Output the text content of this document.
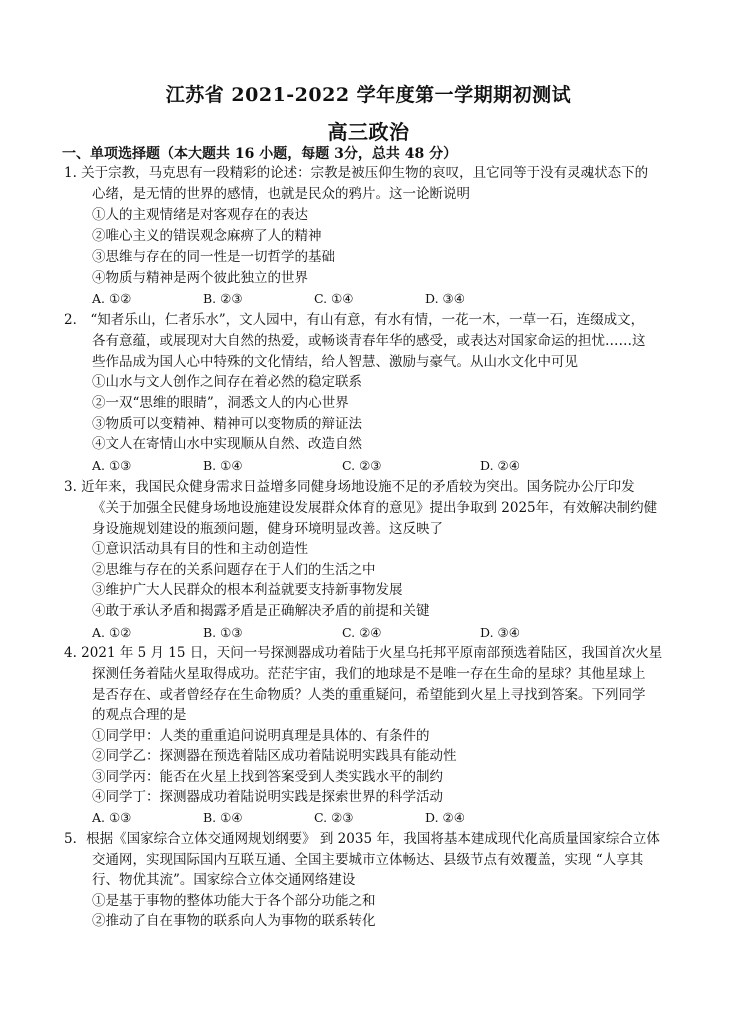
江苏省 2021-2022 学年度第一学期期初测试
高三政治
一、单项选择题（本大题共 16 小题，每题 3分，总共 48 分）
1. 关于宗教，马克思有一段精彩的论述：宗教是被压仰生物的哀叹，且它同等于没有灵魂状态下的
心绪，是无情的世界的感情，也就是民众的鸦片。这一论断说明
①人的主观情绪是对客观存在的表达
②唯心主义的错误观念麻痹了人的精神
③思维与存在的同一性是一切哲学的基础
④物质与精神是两个彼此独立的世界
A. ①②	B. ②③	C. ①④	D. ③④
2． “知者乐山，仁者乐水”，文人园中，有山有意，有水有情，一花一木，一草一石，连缀成文，
各有意蕴，或展现对大自然的热爱，或畅谈青春年华的感受，或表达对国家命运的担忧……这
些作品成为国人心中特殊的文化情结，给人智慧、激励与豪气。从山水文化中可见
①山水与文人创作之间存在着必然的稳定联系
②一双“思维的眼睛”，洞悉文人的内心世界
③物质可以变精神、精神可以变物质的辩证法
④文人在寄情山水中实现顺从自然、改造自然
A. ①③	B. ①④	C. ②③	D. ②④
3. 近年来，我国民众健身需求日益增多同健身场地设施不足的矛盾较为突出。国务院办公厅印发
《关于加强全民健身场地设施建设发展群众体育的意见》提出争取到 2025年，有效解决制约健
身设施规划建设的瓶颈问题，健身环境明显改善。这反映了
①意识活动具有目的性和主动创造性
②思维与存在的关系问题存在于人们的生活之中
③维护广大人民群众的根本利益就要支持新事物发展
④敢于承认矛盾和揭露矛盾是正确解决矛盾的前提和关键
A. ①②	B. ①③	C. ②④	D. ③④
4. 2021 年 5 月 15 日，天问一号探测器成功着陆于火星乌托邦平原南部预选着陆区，我国首次火星
探测任务着陆火星取得成功。茫茫宇宙，我们的地球是不是唯一存在生命的星球？其他星球上
是否存在、或者曾经存在生命物质？人类的重重疑问，希望能到火星上寻找到答案。下列同学
的观点合理的是
①同学甲：人类的重重追问说明真理是具体的、有条件的
②同学乙：探测器在预选着陆区成功着陆说明实践具有能动性
③同学丙：能否在火星上找到答案受到人类实践水平的制约
④同学丁：探测器成功着陆说明实践是探索世界的科学活动
A. ①③	B. ①④	C. ②③	D. ②④
5．根据《国家综合立体交通网规划纲要》 到 2035 年，我国将基本建成现代化高质量国家综合立体
交通网，实现国际国内互联互通、全国主要城市立体畅达、县级节点有效覆盖，实现 “人享其
行、物优其流”。国家综合立体交通网络建设
①是基于事物的整体功能大于各个部分功能之和
②推动了自在事物的联系向人为事物的联系转化
